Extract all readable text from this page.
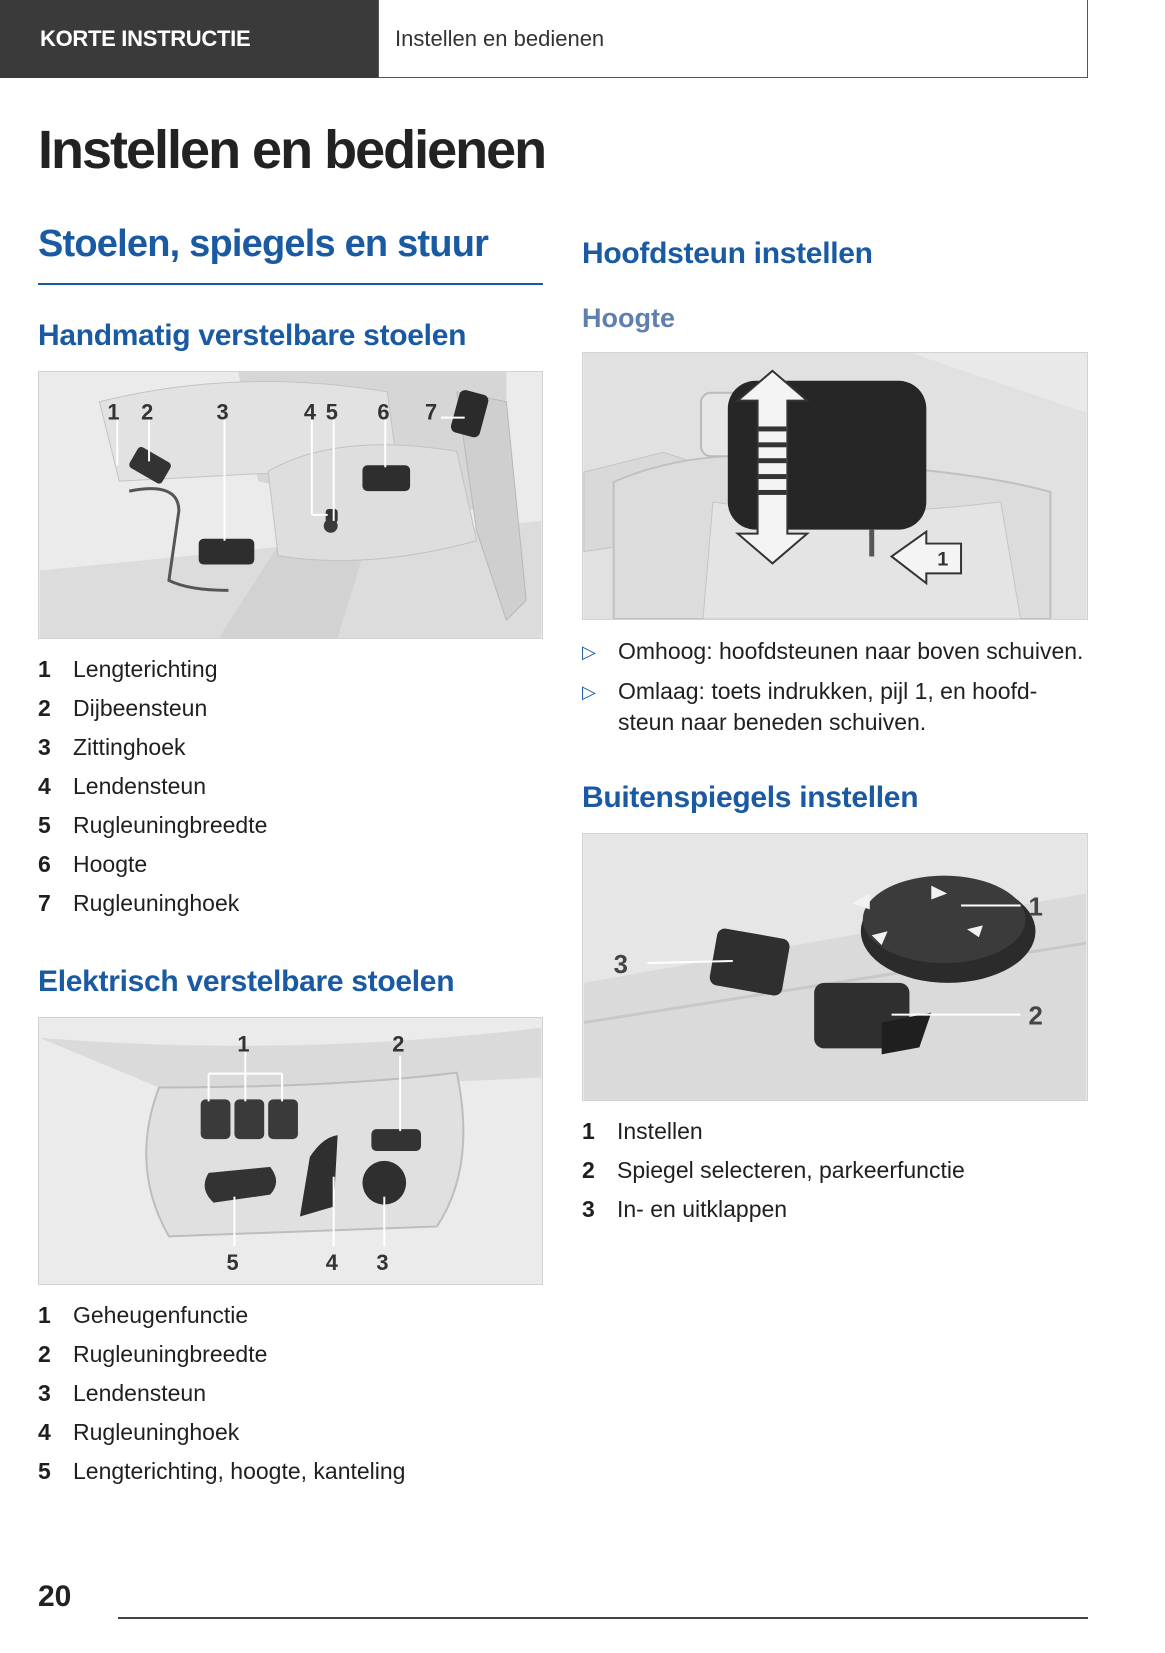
KORTE INSTRUCTIE	Instellen en bedienen
Instellen en bedienen
Stoelen, spiegels en stuur
Handmatig verstelbare stoelen
1 2	3	4 5 6 7
1 Lengterichting
2 Dijbeensteun
3 Zittinghoek
4 Lendensteun
5 Rugleuningbreedte
6 Hoogte
7 Rugleuninghoek
Elektrisch verstelbare stoelen
1	2
5	4 3
1 Geheugenfunctie
2 Rugleuningbreedte
3 Lendensteun
4 Rugleuninghoek
5 Lengterichting, hoogte, kanteling
Hoofdsteun instellen
Hoogte
1
▷ Omhoog: hoofdsteunen naar boven schuiven.
▷ Omlaag: toets indrukken, pijl 1, en hoofd-steun naar beneden schuiven.
Buitenspiegels instellen
3
1
2
1 Instellen
2 Spiegel selecteren, parkeerfunctie
3 In- en uitklappen
20
